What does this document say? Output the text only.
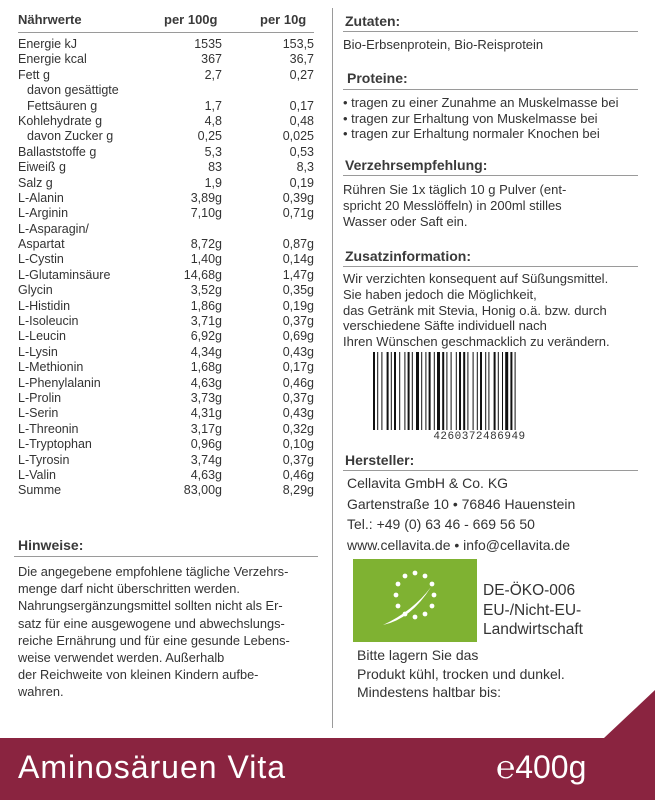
Nährwerte	per 100g	per 10g
Energie kJ	1535	153,5
Energie kcal	367	36,7
Fett g	2,7	0,27
davon gesättigte
Fettsäuren g	1,7	0,17
Kohlehydrate g	4,8	0,48
davon Zucker g	0,25	0,025
Ballaststoffe g	5,3	0,53
Eiweiß g	83	8,3
Salz g	1,9	0,19
L-Alanin	3,89g	0,39g
L-Arginin	7,10g	0,71g
L-Asparagin/
Aspartat	8,72g	0,87g
L-Cystin	1,40g	0,14g
L-Glutaminsäure	14,68g	1,47g
Glycin	3,52g	0,35g
L-Histidin	1,86g	0,19g
L-Isoleucin	3,71g	0,37g
L-Leucin	6,92g	0,69g
L-Lysin	4,34g	0,43g
L-Methionin	1,68g	0,17g
L-Phenylalanin	4,63g	0,46g
L-Prolin	3,73g	0,37g
L-Serin	4,31g	0,43g
L-Threonin	3,17g	0,32g
L-Tryptophan	0,96g	0,10g
L-Tyrosin	3,74g	0,37g
L-Valin	4,63g	0,46g
Summe	83,00g	8,29g
Hinweise:
Die angegebene empfohlene tägliche Verzehrs-
menge darf nicht überschritten werden.
Nahrungsergänzungsmittel sollten nicht als Er-
satz für eine ausgewogene und abwechslungs-
reiche Ernährung und für eine gesunde Lebens-
weise verwendet werden. Außerhalb
der Reichweite von kleinen Kindern aufbe-
wahren.
Zutaten:
Bio-Erbsenprotein, Bio-Reisprotein
Proteine:
• tragen zu einer Zunahme an Muskelmasse bei
• tragen zur Erhaltung von Muskelmasse bei
• tragen zur Erhaltung normaler Knochen bei
Verzehrsempfehlung:
Rühren Sie 1x täglich 10 g Pulver (ent-
spricht 20 Messlöffeln) in 200ml stilles
Wasser oder Saft ein.
Zusatzinformation:
Wir verzichten konsequent auf Süßungsmittel.
Sie haben jedoch die Möglichkeit,
das Getränk mit Stevia, Honig o.ä. bzw. durch
verschiedene Säfte individuell nach
Ihren Wünschen geschmacklich zu verändern.
4260372486949
Hersteller:
Cellavita GmbH & Co. KG
Gartenstraße 10 • 76846 Hauenstein
Tel.: +49 (0) 63 46 - 669 56 50
www.cellavita.de • info@cellavita.de
DE-ÖKO-006
EU-/Nicht-EU-
Landwirtschaft
Bitte lagern Sie das
Produkt kühl, trocken und dunkel.
Mindestens haltbar bis:
Aminosäruen Vita	℮400g
